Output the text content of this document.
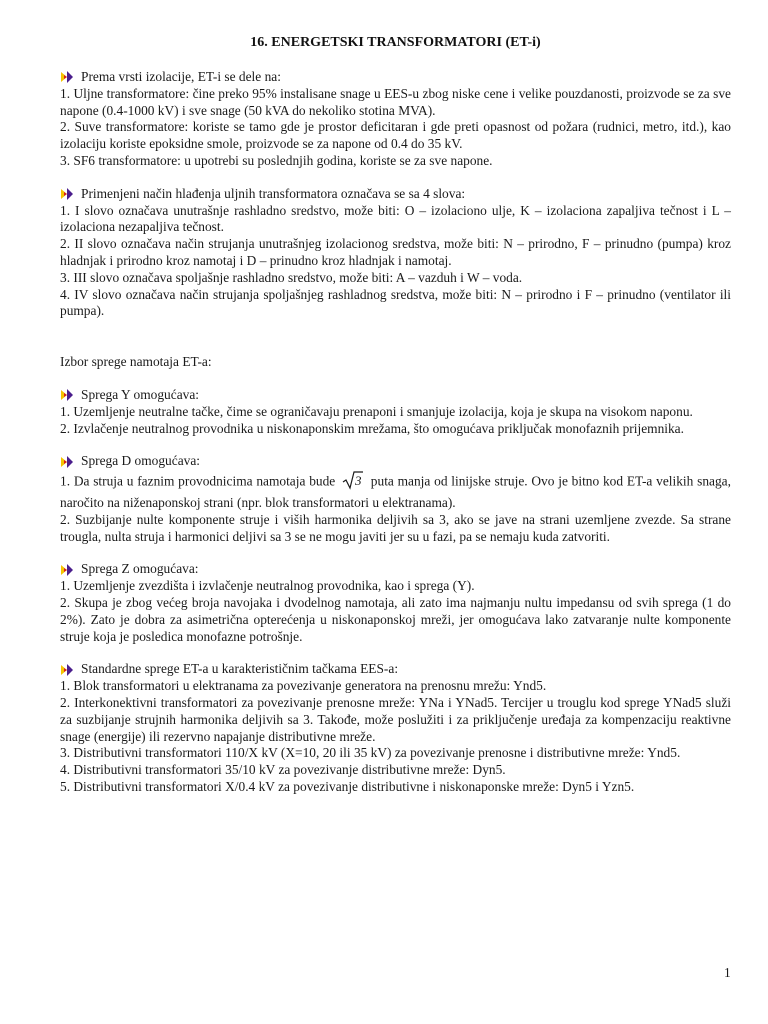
16. ENERGETSKI TRANSFORMATORI (ET-i)
Prema vrsti izolacije, ET-i se dele na:
1. Uljne transformatore: čine preko 95% instalisane snage u EES-u zbog niske cene i velike pouzdanosti, proizvode se za sve napone (0.4-1000 kV) i sve snage (50 kVA do nekoliko stotina MVA).
2. Suve transformatore: koriste se tamo gde je prostor deficitaran i gde preti opasnost od požara (rudnici, metro, itd.), kao izolaciju koriste epoksidne smole, proizvode se za napone od 0.4 do 35 kV.
3. SF6 transformatore: u upotrebi su poslednjih godina, koriste se za sve napone.
Primenjeni način hlađenja uljnih transformatora označava se sa 4 slova:
1. I slovo označava unutrašnje rashladno sredstvo, može biti: O – izolaciono ulje, K – izolaciona zapaljiva tečnost i L – izolaciona nezapaljiva tečnost.
2. II slovo označava način strujanja unutrašnjeg izolacionog sredstva, može biti: N – prirodno, F – prinudno (pumpa) kroz hladnjak i prirodno kroz namotaj i D – prinudno kroz hladnjak i namotaj.
3. III slovo označava spoljašnje rashladno sredstvo, može biti: A – vazduh i W – voda.
4. IV slovo označava način strujanja spoljašnjeg rashladnog sredstva, može biti: N – prirodno i F – prinudno (ventilator ili pumpa).
Izbor sprege namotaja ET-a:
Sprega Y omogućava:
1. Uzemljenje neutralne tačke, čime se ograničavaju prenaponi i smanjuje izolacija, koja je skupa na visokom naponu.
2. Izvlačenje neutralnog provodnika u niskonaponskim mrežama, što omogućava priključak monofaznih prijemnika.
Sprega D omogućava:
1. Da struja u faznim provodnicima namotaja bude 3 puta manja od linijske struje. Ovo je bitno kod ET-a velikih snaga, naročito na niženaponskoj strani (npr. blok transformatori u elektranama).
2. Suzbijanje nulte komponente struje i viših harmonika deljivih sa 3, ako se jave na strani uzemljene zvezde. Sa strane trougla, nulta struja i harmonici deljivi sa 3 se ne mogu javiti jer su u fazi, pa se nemaju kuda zatvoriti.
Sprega Z omogućava:
1. Uzemljenje zvezdišta i izvlačenje neutralnog provodnika, kao i sprega (Y).
2. Skupa je zbog većeg broja navojaka i dvodelnog namotaja, ali zato ima najmanju nultu impedansu od svih sprega (1 do 2%). Zato je dobra za asimetrična opterećenja u niskonaponskoj mreži, jer omogućava lako zatvaranje nulte komponente struje koja je posledica monofazne potrošnje.
Standardne sprege ET-a u karakterističnim tačkama EES-a:
1. Blok transformatori u elektranama za povezivanje generatora na prenosnu mrežu: Ynd5.
2. Interkonektivni transformatori za povezivanje prenosne mreže: YNa i YNad5. Tercijer u trouglu kod sprege YNad5 služi za suzbijanje strujnih harmonika deljivih sa 3. Takođe, može poslužiti i za priključenje uređaja za kompenzaciju reaktivne snage (energije) ili rezervno napajanje distributivne mreže.
3. Distributivni transformatori 110/X kV (X=10, 20 ili 35 kV) za povezivanje prenosne i distributivne mreže: Ynd5.
4. Distributivni transformatori 35/10 kV za povezivanje distributivne mreže: Dyn5.
5. Distributivni transformatori X/0.4 kV za povezivanje distributivne i niskonaponske mreže: Dyn5 i Yzn5.
1
